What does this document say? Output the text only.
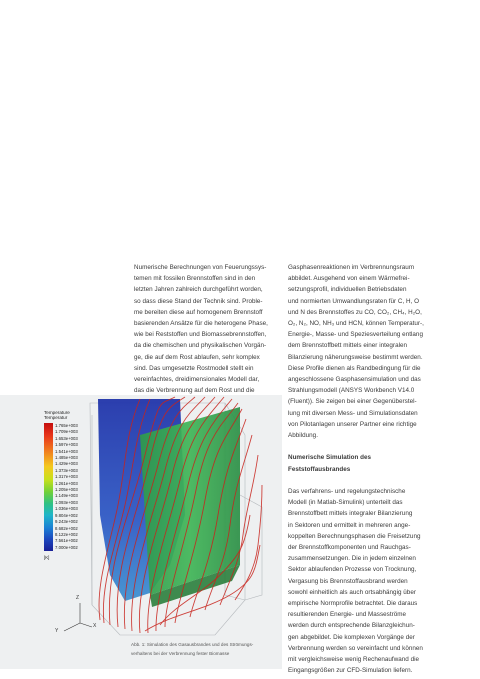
Numerische Berechnungen von Feuerungssys-

temen mit fossilen Brennstoffen sind in den

letzten Jahren zahlreich durchgeführt worden,

so dass diese Stand der Technik sind. Proble-

me bereiten diese auf homogenem Brennstoff

basierenden Ansätze für die heterogene Phase,

wie bei Reststoffen und Biomassebrennstoffen,

da die chemischen und physikalischen Vorgän-

ge, die auf dem Rost ablaufen, sehr komplex

sind. Das umgesetzte Rostmodell stellt ein

vereinfachtes, dreidimensionales Modell dar,

das die Verbrennung auf dem Rost und die

Gasphasenreaktionen im Verbrennungsraum

abbildet. Ausgehend von einem Wärmefrei-

setzungsprofil, individuellen Betriebsdaten

und normierten Umwandlungsraten für C, H, O

und N des Brennstoffes zu CO, CO₂, CH₄, H₂O,

O₂, N₂, NO, NH₃ und HCN, können Temperatur-,

Energie-, Masse- und Speziesverteilung entlang

dem Brennstoffbett mittels einer integralen

Bilanzierung näherungsweise bestimmt werden.

Diese Profile dienen als Randbedingung für die

angeschlossene Gasphasensimulation und das

Strahlungsmodell (ANSYS Workbench V14.0

(Fluent)). Sie zeigen bei einer Gegenüberstel-

lung mit diversen Mess- und Simulationsdaten

von Pilotanlagen unserer Partner eine richtige

Abbildung.

Numerische Simulation des

Feststoffausbrandes

Das verfahrens- und regelungstechnische

Modell (in Matlab-Simulink) unterteilt das

Brennstoffbett mittels integraler Bilanzierung

in Sektoren und ermittelt in mehreren ange-

koppelten Berechnungsphasen die Freisetzung

der Brennstoffkomponenten und Rauchgas-

zusammensetzungen. Die in jedem einzelnen

Sektor ablaufenden Prozesse von Trocknung,

Vergasung bis Brennstoffausbrand werden

sowohl einheitlich als auch ortsabhängig über

empirische Normprofile betrachtet. Die daraus

resultierenden Energie- und Masseströme

werden durch entsprechende Bilanzgleichun-

gen abgebildet. Die komplexen Vorgänge der

Verbrennung werden so vereinfacht und können

mit vergleichsweise wenig Rechenaufwand die

Eingangsgrößen zur CFD-Simulation liefern.

Z
Y
X
Temperature
Temperatur
1.765e+003
1.709e+003
1.653e+003
1.597e+003
1.541e+003
1.485e+003
1.429e+003
1.373e+003
1.317e+003
1.261e+003
1.205e+003
1.149e+003
1.093e+003
1.036e+003
9.804e+002
9.243e+002
8.682e+002
8.122e+002
7.561e+002
7.000e+002
[K]
Abb. 1: Simulation des Gasausbrandes und des Strömungs-
verhaltens bei der Verbrennung fester Biomasse
